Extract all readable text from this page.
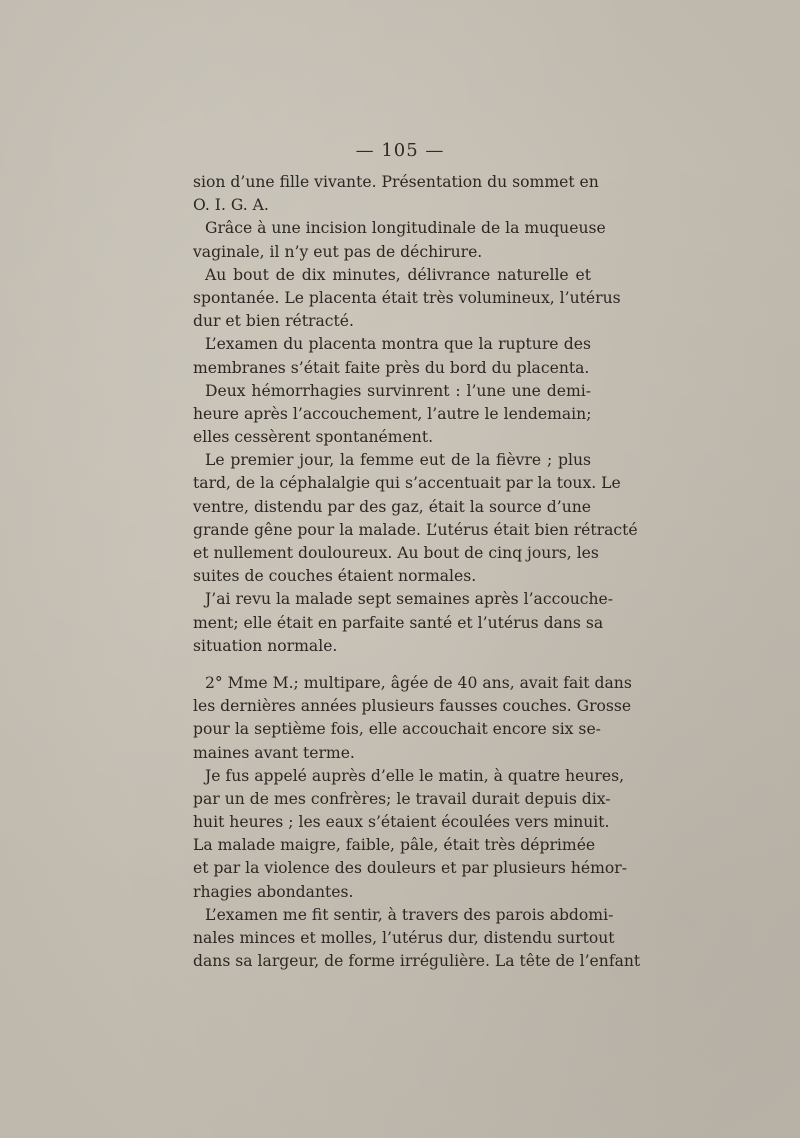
— 105 —
sion d’une fille vivante. Présentation du sommet en
O. I. G. A.
Grâce à une incision longitudinale de la muqueuse
vaginale, il n’y eut pas de déchirure.
Au bout de dix minutes, délivrance naturelle et
spontanée. Le placenta était très volumineux, l’utérus
dur et bien rétracté.
L’examen du placenta montra que la rupture des
membranes s’était faite près du bord du placenta.
Deux hémorrhagies survinrent : l’une une demi-
heure après l’accouchement, l’autre le lendemain;
elles cessèrent spontanément.
Le premier jour, la femme eut de la fièvre ; plus
tard, de la céphalalgie qui s’accentuait par la toux. Le
ventre, distendu par des gaz, était la source d’une
grande gêne pour la malade. L’utérus était bien rétracté
et nullement douloureux. Au bout de cinq jours, les
suites de couches étaient normales.
J’ai revu la malade sept semaines après l’accouche-
ment; elle était en parfaite santé et l’utérus dans sa
situation normale.
2° Mme M.; multipare, âgée de 40 ans, avait fait dans
les dernières années plusieurs fausses couches. Grosse
pour la septième fois, elle accouchait encore six se-
maines avant terme.
Je fus appelé auprès d’elle le matin, à quatre heures,
par un de mes confrères; le travail durait depuis dix-
huit heures ; les eaux s’étaient écoulées vers minuit.
La malade maigre, faible, pâle, était très déprimée
et par la violence des douleurs et par plusieurs hémor-
rhagies abondantes.
L’examen me fit sentir, à travers des parois abdomi-
nales minces et molles, l’utérus dur, distendu surtout
dans sa largeur, de forme irrégulière. La tête de l’enfant
